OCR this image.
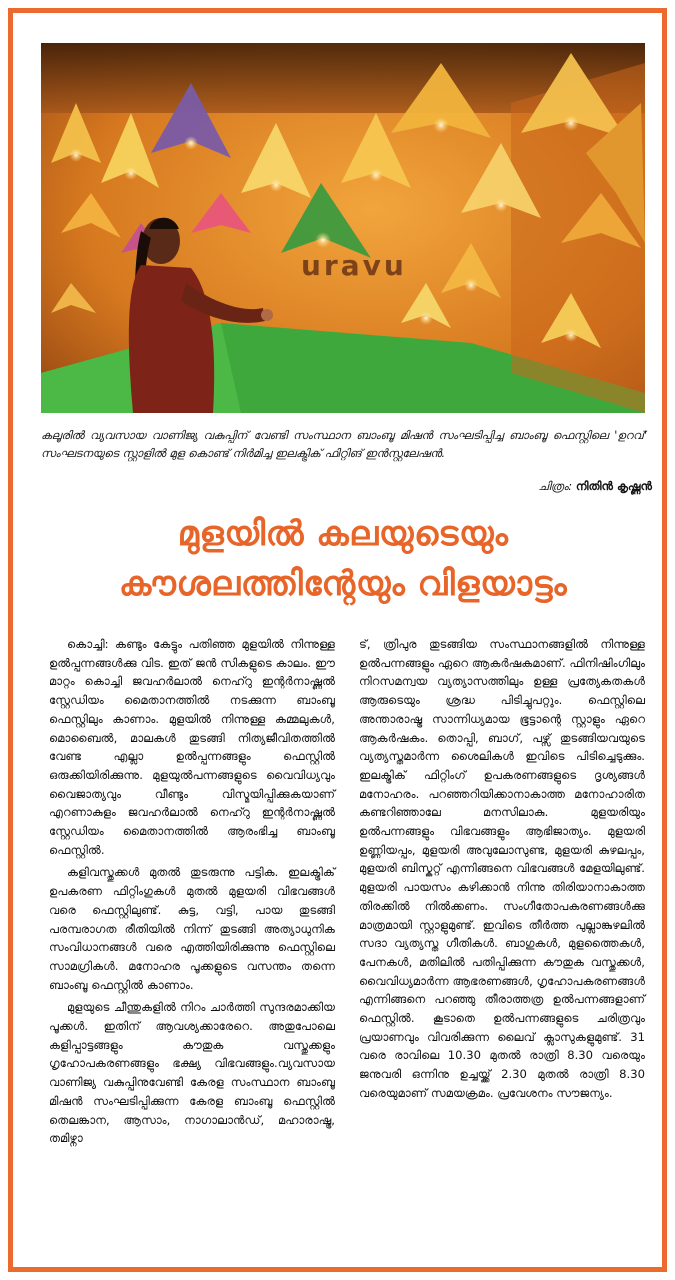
uravu
കലൂരിൽ വ്യവസായ വാണിജ്യ വകുപ്പിന് വേണ്ടി സംസ്ഥാന ബാംബൂ മിഷൻ സംഘടിപ്പിച്ച ബാംബൂ ഫെസ്റ്റിലെ 'ഉറവ്' സംഘടനയുടെ സ്റ്റാളിൽ മുള കൊണ്ട് നിർമിച്ച ഇലക്ട്രിക് ഫിറ്റിങ് ഇൻസ്റ്റലേഷൻ.
ചിത്രം: നിതിൻ കൃഷ്ണൻ
മുളയിൽ കലയുടെയും
കൗശലത്തിന്റേയും വിളയാട്ടം

കൊച്ചി: കണ്ടും കേട്ടും പതിഞ്ഞ മുളയിൽ നിന്നുള്ള ഉൽപ്പന്നങ്ങൾക്കു വിട. ഇത് ജൻ സികളുടെ കാലം. ഈ മാറ്റം കൊച്ചി ജവഹർലാൽ നെഹ്റു ഇന്റർനാഷ്ണൽ സ്റ്റേഡിയം മൈതാനത്തിൽ നടക്കുന്ന ബാംബൂ ഫെസ്റ്റിലും കാണാം. മുളയിൽ നിന്നുള്ള കമ്മലുകൾ, മൊബൈൽ, മാലകൾ തുടങ്ങി നിത്യജീവിതത്തിൽ വേണ്ട എല്ലാ ഉൽപ്പന്നങ്ങളും ഫെസ്റ്റിൽ ഒരുക്കിയിരിക്കുന്നു. മുളയുൽപന്നങ്ങളുടെ വൈവിധ്യവും വൈജാത്യവും വീണ്ടും വിസ്മയിപ്പിക്കുകയാണ് എറണാകുളം ജവഹർലാൽ നെഹ്റു ഇന്റർനാഷ്ണൽ സ്റ്റേഡിയം മൈതാനത്തിൽ ആരംഭിച്ച ബാംബൂ ഫെസ്റ്റിൽ.

കളിവസ്തുക്കൾ മുതൽ തുടരുന്നു പട്ടിക. ഇലക്ട്രിക് ഉപകരണ ഫിറ്റിംഗുകൾ മുതൽ മുളയരി വിഭവങ്ങൾ വരെ ഫെസ്റ്റിലുണ്ട്. കുട്ട, വട്ടി, പായ തുടങ്ങി പരമ്പരാഗത രീതിയിൽ നിന്ന് തുടങ്ങി അത്യാധുനിക സംവിധാനങ്ങൾ വരെ എത്തിയിരിക്കുന്നു ഫെസ്റ്റിലെ സാമഗ്രികൾ. മനോഹര പൂക്കളുടെ വസന്തം തന്നെ ബാംബൂ ഫെസ്റ്റിൽ കാണാം.

മുളയുടെ ചീന്തുകളിൽ നിറം ചാർത്തി സുന്ദരമാക്കിയ പൂക്കൾ. ഇതിന് ആവശ്യക്കാരേറെ. അതുപോലെ കളിപ്പാട്ടങ്ങളും കൗതുക വസ്തുക്കളും ഗൃഹോപകരണങ്ങളും ഭക്ഷ്യ വിഭവങ്ങളും.വ്യവസായ വാണിജ്യ വകുപ്പിനുവേണ്ടി കേരള സംസ്ഥാന ബാംബൂ മിഷൻ സംഘടിപ്പിക്കുന്ന കേരള ബാംബൂ ഫെസ്റ്റിൽ തെലങ്കാന, ആസാം, നാഗാലാൻഡ്, മഹാരാഷ്ട്ര, തമിഴ്നാ

ട്, ത്രിപുര തുടങ്ങിയ സംസ്ഥാനങ്ങളിൽ നിന്നുള്ള ഉൽപന്നങ്ങളും ഏറെ ആകർഷകമാണ്. ഫിനിഷിംഗിലും നിറസമന്വയ വ്യത്യാസത്തിലും ഉള്ള പ്രത്യേകതകൾ ആരുടെയും ശ്രദ്ധ പിടിച്ചുപറ്റും. ഫെസ്റ്റിലെ അന്താരാഷ്ട്ര സാന്നിധ്യമായ ഭൂട്ടാന്റെ സ്റ്റാളും ഏറെ ആകർഷകം. തൊപ്പി, ബാഗ്, പഴ്സ് തുടങ്ങിയവയുടെ വ്യത്യസ്തമാർന്ന ശൈലികൾ ഇവിടെ പിടിച്ചെടുക്കും. ഇലക്ട്രിക് ഫിറ്റിംഗ് ഉപകരണങ്ങളുടെ ദൃശ്യങ്ങൾ മനോഹരം. പറഞ്ഞറിയിക്കാനാകാത്ത മനോഹാരിത കണ്ടറിഞ്ഞാലേ മനസിലാകു. മുളയരിയും ഉൽപന്നങ്ങളും വിഭവങ്ങളും ആഭിജാത്യം. മുളയരി ഉണ്ണിയപ്പം, മുളയരി അവുലോസുണ്ട, മുളയരി കുഴലപ്പം, മുളയരി ബിസ്കറ്റ് എന്നിങ്ങനെ വിഭവങ്ങൾ മേളയിലുണ്ട്. മുളയരി പായസം കഴിക്കാൻ നിന്നു തിരിയാനാകാത്ത തിരക്കിൽ നിൽക്കണം. സംഗീതോപകരണങ്ങൾക്കു മാത്രമായി സ്റ്റാളുമുണ്ട്. ഇവിടെ തീർത്ത പുല്ലാങ്കുഴലിൽ സദാ വ്യത്യസ്ത ഗീതികൾ. ബാഗുകൾ, മുളത്തൈകൾ, പേനകൾ, മതിലിൽ പതിപ്പിക്കുന്ന കൗതുക വസ്തുക്കൾ, വൈവിധ്യമാർന്ന ആഭരണങ്ങൾ, ഗൃഹോപകരണങ്ങൾ എന്നിങ്ങനെ പറഞ്ഞു തീരാത്തത്ര ഉൽപന്നങ്ങളാണ് ഫെസ്റ്റിൽ. കൂടാതെ ഉൽപന്നങ്ങളുടെ ചരിത്രവും പ്രയാണവും വിവരിക്കുന്ന ലൈവ് ക്ലാസുകളുമുണ്ട്. 31 വരെ രാവിലെ 10.30 മുതൽ രാത്രി 8.30 വരെയും ജനുവരി ഒന്നിനു ഉച്ചയ്ക്ക് 2.30 മുതൽ രാത്രി 8.30 വരെയുമാണ് സമയക്രമം. പ്രവേശനം സൗജന്യം.
